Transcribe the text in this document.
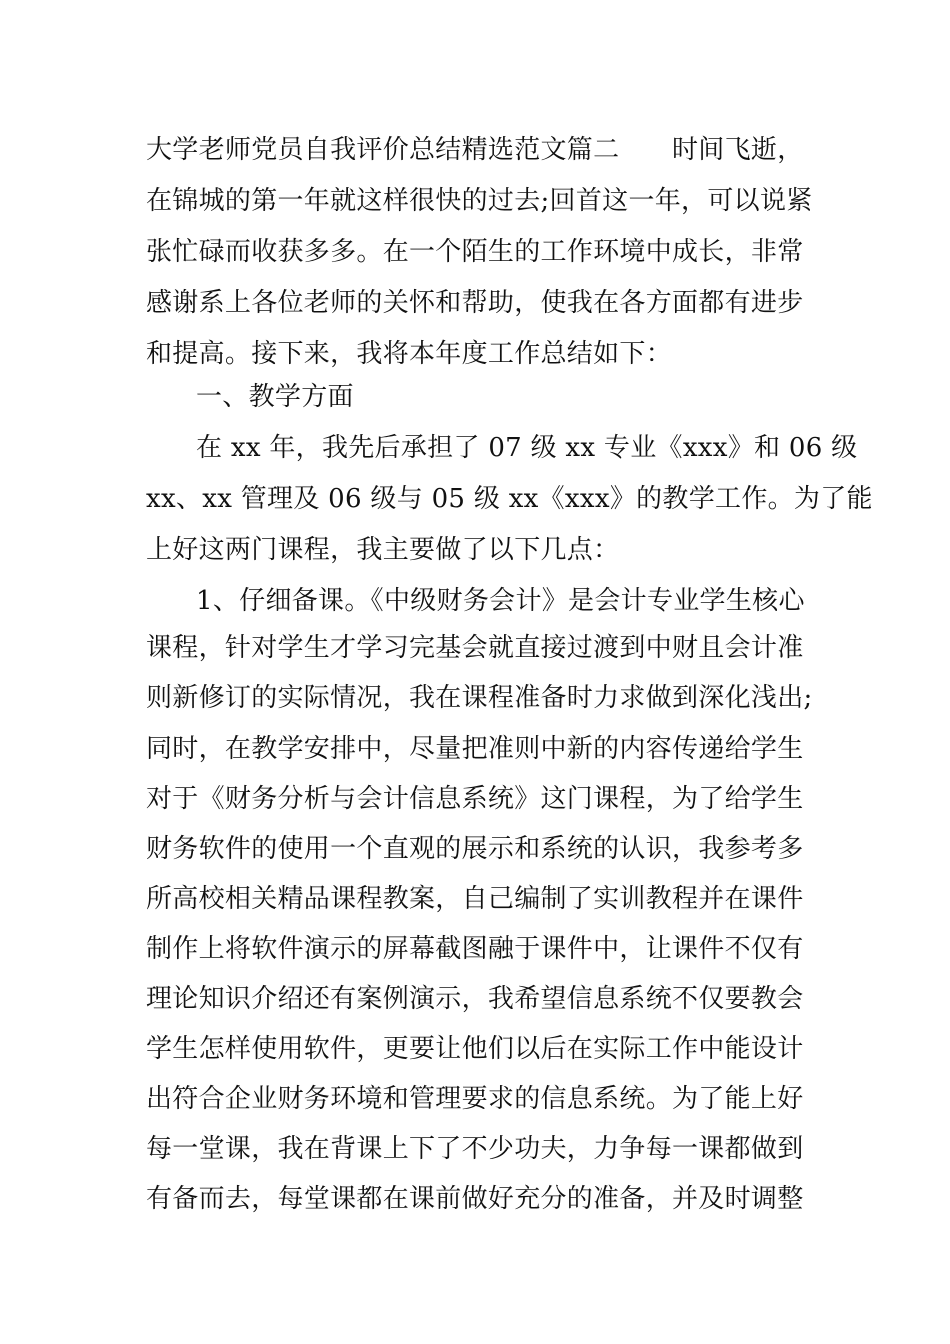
大学老师党员自我评价总结精选范文篇二　　时间飞逝，
在锦城的第一年就这样很快的过去;回首这一年，可以说紧
张忙碌而收获多多。在一个陌生的工作环境中成长，非常
感谢系上各位老师的关怀和帮助，使我在各方面都有进步
和提高。接下来，我将本年度工作总结如下：
一、教学方面
在 xx 年，我先后承担了 07 级 xx 专业《xxx》和 06 级
xx、xx 管理及 06 级与 05 级 xx《xxx》的教学工作。为了能
上好这两门课程，我主要做了以下几点：
1、仔细备课。《中级财务会计》是会计专业学生核心
课程，针对学生才学习完基会就直接过渡到中财且会计准
则新修订的实际情况，我在课程准备时力求做到深化浅出;
同时，在教学安排中，尽量把准则中新的内容传递给学生
对于《财务分析与会计信息系统》这门课程，为了给学生
财务软件的使用一个直观的展示和系统的认识，我参考多
所高校相关精品课程教案，自己编制了实训教程并在课件
制作上将软件演示的屏幕截图融于课件中，让课件不仅有
理论知识介绍还有案例演示，我希望信息系统不仅要教会
学生怎样使用软件，更要让他们以后在实际工作中能设计
出符合企业财务环境和管理要求的信息系统。为了能上好
每一堂课，我在背课上下了不少功夫，力争每一课都做到
有备而去，每堂课都在课前做好充分的准备，并及时调整
